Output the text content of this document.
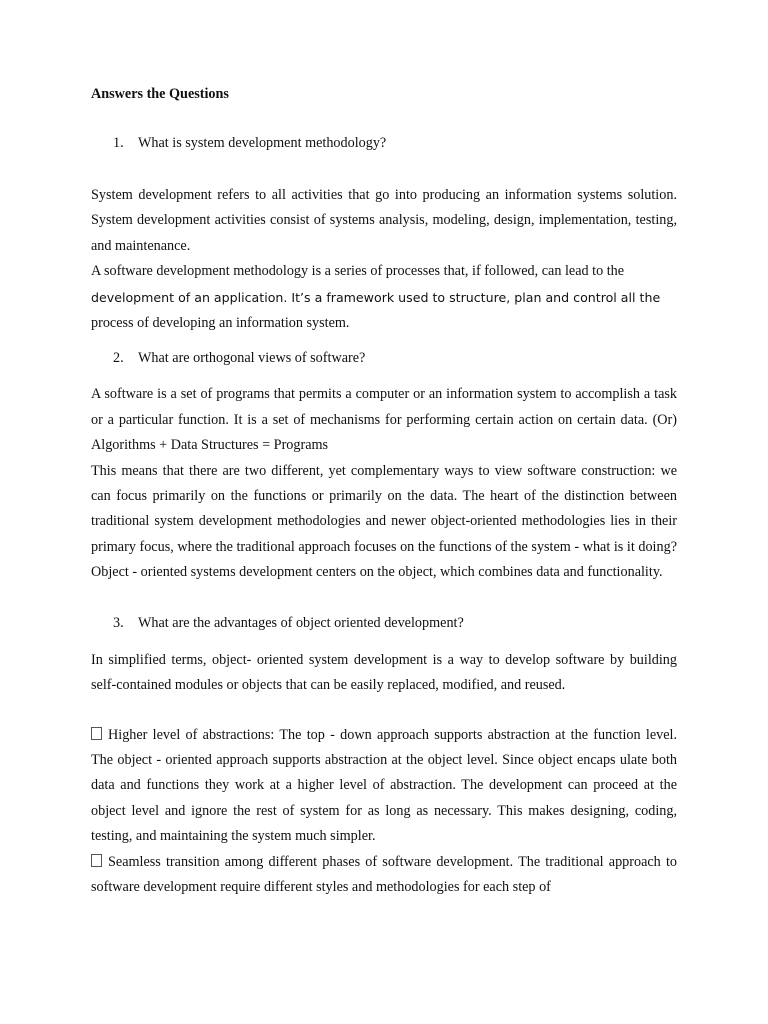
Answers the Questions
1.	What is system development methodology?

System development refers to all activities that go into producing an information systems solution. System development activities consist of systems analysis, modeling, design, implementation, testing, and maintenance.

A software development methodology is a series of processes that, if followed, can lead to the
development of an application. It’s a framework used to structure, plan and control all the
process of developing an information system.

2.	What are orthogonal views of software?

A software is a set of programs that permits a computer or an information system to accomplish a task or a particular function. It is a set of mechanisms for performing certain action on certain data. (Or) Algorithms + Data Structures = Programs

This means that there are two different, yet complementary ways to view software construction: we can focus primarily on the functions or primarily on the data. The heart of the distinction between traditional system development methodologies and newer object-oriented methodologies lies in their primary focus, where the traditional approach focuses on the functions of the system - what is it doing? Object - oriented systems development centers on the object, which combines data and functionality.

3.	What are the advantages of object oriented development?

In simplified terms, object- oriented system development is a way to develop software by building self-contained modules or objects that can be easily replaced, modified, and reused.

Higher level of abstractions: The top - down approach supports abstraction at the function level. The object - oriented approach supports abstraction at the object level. Since object encaps ulate both data and functions they work at a higher level of abstraction. The development can proceed at the object level and ignore the rest of system for as long as necessary. This makes designing, coding, testing, and maintaining the system much simpler.

Seamless transition among different phases of software development. The traditional approach to software development require different styles and methodologies for each step of
